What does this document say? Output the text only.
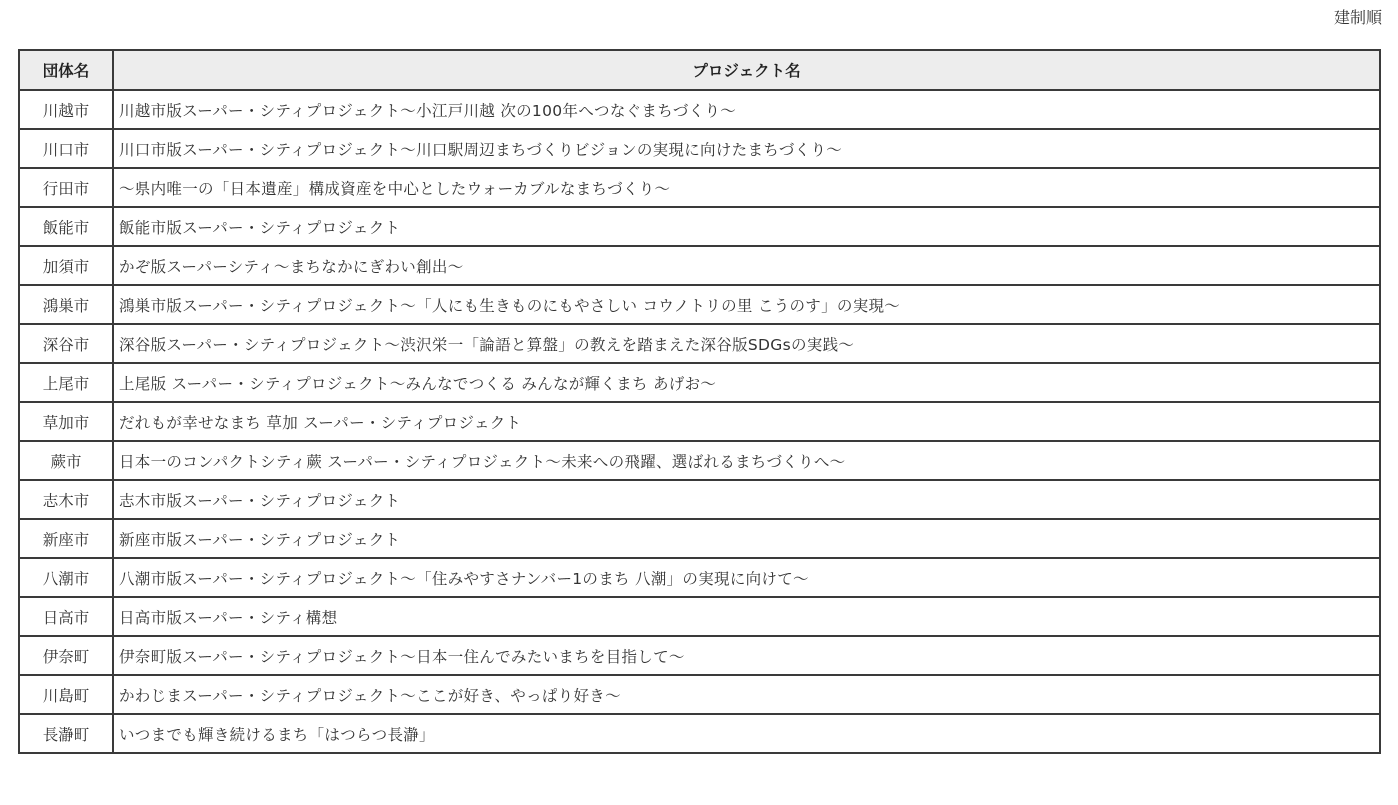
建制順
団体名	プロジェクト名
川越市	川越市版スーパー・シティプロジェクト～小江戸川越 次の100年へつなぐまちづくり～
川口市	川口市版スーパー・シティプロジェクト～川口駅周辺まちづくりビジョンの実現に向けたまちづくり～
行田市	～県内唯一の「日本遺産」構成資産を中心としたウォーカブルなまちづくり～
飯能市	飯能市版スーパー・シティプロジェクト
加須市	かぞ版スーパーシティ～まちなかにぎわい創出～
鴻巣市	鴻巣市版スーパー・シティプロジェクト～「人にも生きものにもやさしい コウノトリの里 こうのす」の実現～
深谷市	深谷版スーパー・シティプロジェクト～渋沢栄一「論語と算盤」の教えを踏まえた深谷版SDGsの実践～
上尾市	上尾版 スーパー・シティプロジェクト～みんなでつくる みんなが輝くまち あげお～
草加市	だれもが幸せなまち 草加 スーパー・シティプロジェクト
蕨市	日本一のコンパクトシティ蕨 スーパー・シティプロジェクト～未来への飛躍、選ばれるまちづくりへ～
志木市	志木市版スーパー・シティプロジェクト
新座市	新座市版スーパー・シティプロジェクト
八潮市	八潮市版スーパー・シティプロジェクト～「住みやすさナンバー1のまち 八潮」の実現に向けて～
日高市	日高市版スーパー・シティ構想
伊奈町	伊奈町版スーパー・シティプロジェクト～日本一住んでみたいまちを目指して～
川島町	かわじまスーパー・シティプロジェクト～ここが好き、やっぱり好き～
長瀞町	いつまでも輝き続けるまち「はつらつ長瀞」
